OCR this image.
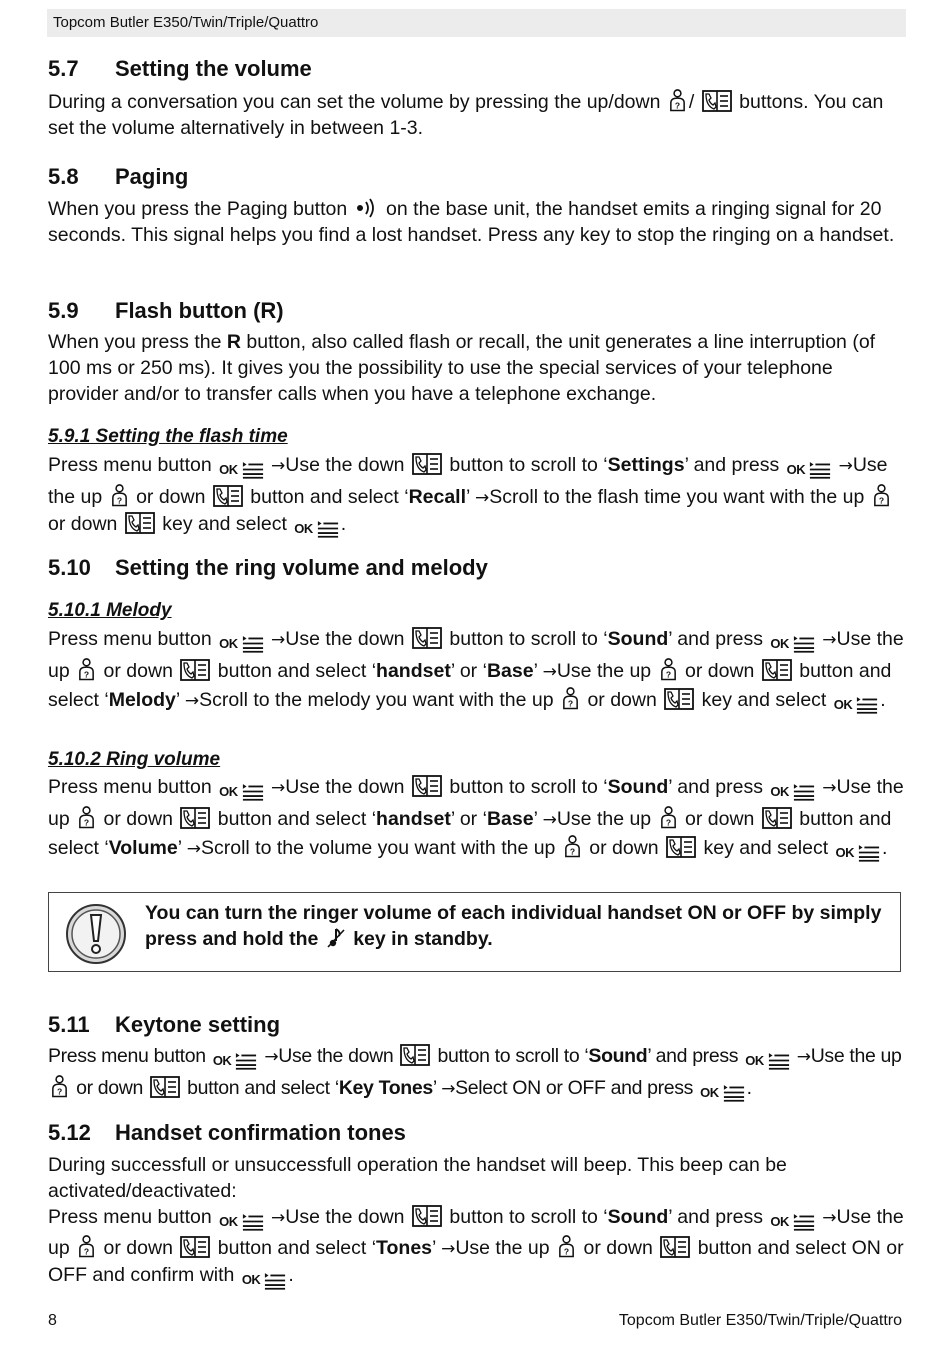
Topcom Butler E350/Twin/Triple/Quattro
5.7 Setting the volume

During a conversation you can set the volume by pressing the up/down / buttons. You can set the volume alternatively in between 1-3.

5.8 Paging

When you press the Paging button on the base unit, the handset emits a ringing signal for 20 seconds. This signal helps you find a lost handset. Press any key to stop the ringing on a handset.

5.9 Flash button (R)

When you press the R button, also called flash or recall, the unit generates a line interruption (of 100 ms or 250 ms). It gives you the possibility to use the special services of your telephone provider and/or to transfer calls when you have a telephone exchange.

5.9.1 Setting the flash time

Press menu button OK →Use the down button to scroll to ‘Settings’ and press OK →Use the up or down button and select ‘Recall’ →Scroll to the flash time you want with the up  or down key and select OK .

5.10 Setting the ring volume and melody
5.10.1 Melody

Press menu button OK →Use the down button to scroll to ‘Sound’ and press OK →Use the up or down button and select ‘handset’ or ‘Base’ →Use the up or down button and select ‘Melody’ →Scroll to the melody you want with the up or down key and select OK .

5.10.2 Ring volume

Press menu button OK →Use the down button to scroll to ‘Sound’ and press OK →Use the up or down button and select ‘handset’ or ‘Base’ →Use the up or down button and select ‘Volume’ →Scroll to the volume you want with the up or down key and select OK .

You can turn the ringer volume of each individual handset ON or OFF by simply press and hold the key in standby.

5.11 Keytone setting

Press menu button OK →Use the down button to scroll to ‘Sound’ and press OK →Use the up  or down button and select ‘Key Tones’ →Select ON or OFF and press OK .

5.12 Handset confirmation tones

During successfull or unsuccessfull operation the handset will beep. This beep can be activated/deactivated:
Press menu button OK →Use the down button to scroll to ‘Sound’ and press OK →Use the up or down button and select ‘Tones’ →Use the up or down button and select ON or OFF and confirm with OK .

8	Topcom Butler E350/Twin/Triple/Quattro
